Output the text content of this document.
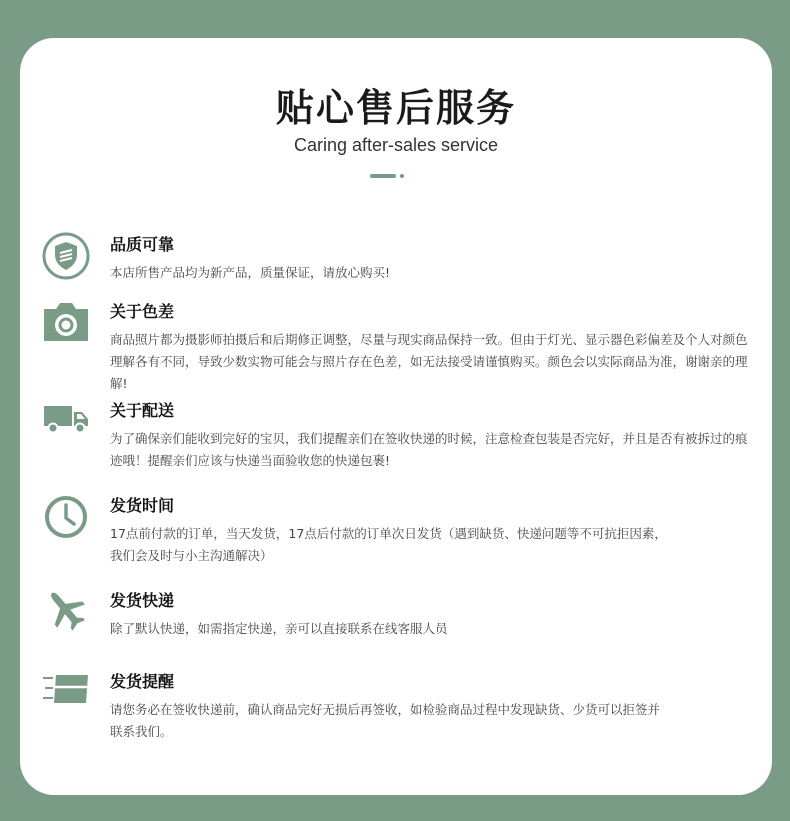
贴心售后服务
Caring after-sales service
品质可靠
本店所售产品均为新产品，质量保证，请放心购买!
关于色差
商品照片都为摄影师拍摄后和后期修正调整，尽量与现实商品保持一致。但由于灯光、显示器色彩偏差及个人对颜色理解各有不同，导致少数实物可能会与照片存在色差，如无法接受请谨慎购买。颜色会以实际商品为准，谢谢亲的理解!
关于配送
为了确保亲们能收到完好的宝贝，我们提醒亲们在签收快递的时候，注意检查包装是否完好，并且是否有被拆过的痕迹哦！提醒亲们应该与快递当面验收您的快递包裹!
发货时间
17点前付款的订单，当天发货，17点后付款的订单次日发货（遇到缺货、快递问题等不可抗拒因素，我们会及时与小主沟通解决）
发货快递
除了默认快递，如需指定快递，亲可以直接联系在线客服人员
发货提醒
请您务必在签收快递前，确认商品完好无损后再签收，如检验商品过程中发现缺货、少货可以拒签并联系我们。
